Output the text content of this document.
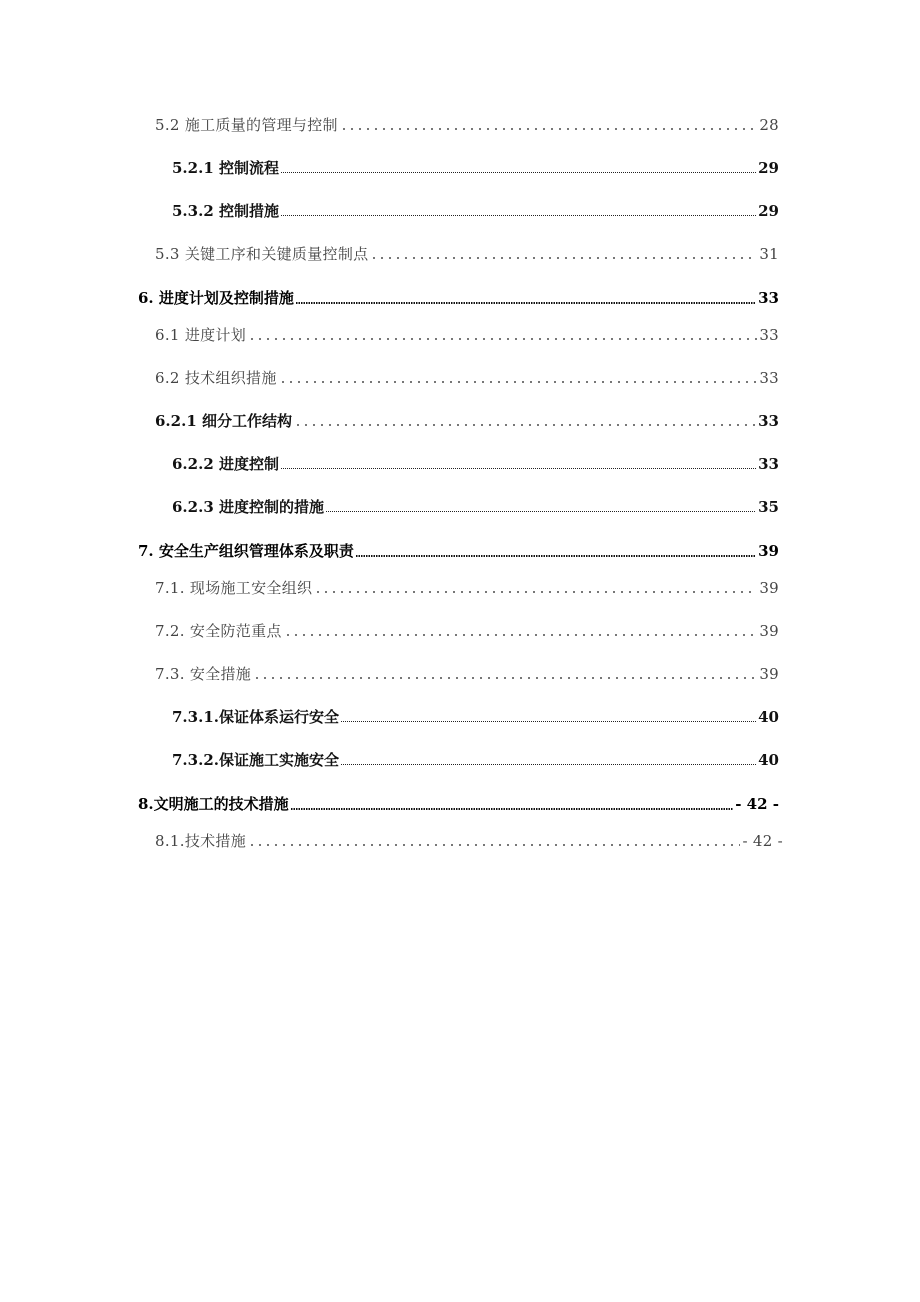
5.2 施工质量的管理与控制	28
5.2.1 控制流程	29
5.3.2 控制措施	29
5.3 关键工序和关键质量控制点	31
6. 进度计划及控制措施	33
6.1 进度计划	33
6.2 技术组织措施	33
6.2.1 细分工作结构	33
6.2.2 进度控制	33
6.2.3 进度控制的措施	35
7. 安全生产组织管理体系及职责	39
7.1. 现场施工安全组织	39
7.2. 安全防范重点	39
7.3. 安全措施	39
7.3.1.保证体系运行安全	40
7.3.2.保证施工实施安全	40
8.文明施工的技术措施	- 42 -
8.1.技术措施	- 42 -
